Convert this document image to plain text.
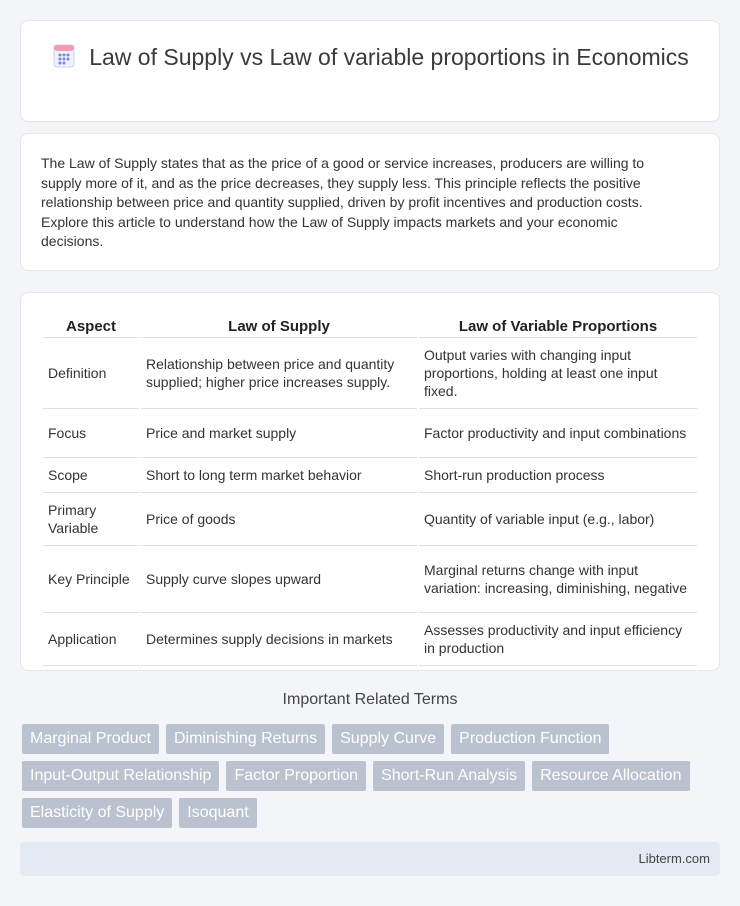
Law of Supply vs Law of variable proportions in Economics

The Law of Supply states that as the price of a good or service increases, producers are willing to supply more of it, and as the price decreases, they supply less. This principle reflects the positive relationship between price and quantity supplied, driven by profit incentives and production costs. Explore this article to understand how the Law of Supply impacts markets and your economic decisions.

Aspect	Law of Supply	Law of Variable Proportions
Definition	Relationship between price and quantity supplied; higher price increases supply.	Output varies with changing input proportions, holding at least one input fixed.
Focus	Price and market supply	Factor productivity and input combinations
Scope	Short to long term market behavior	Short-run production process
Primary Variable	Price of goods	Quantity of variable input (e.g., labor)
Key Principle	Supply curve slopes upward	Marginal returns change with input variation: increasing, diminishing, negative
Application	Determines supply decisions in markets	Assesses productivity and input efficiency in production
Important Related Terms
Marginal Product	Diminishing Returns	Supply Curve	Production Function
Input-Output Relationship	Factor Proportion	Short-Run Analysis	Resource Allocation
Elasticity of Supply	Isoquant
Libterm.com
